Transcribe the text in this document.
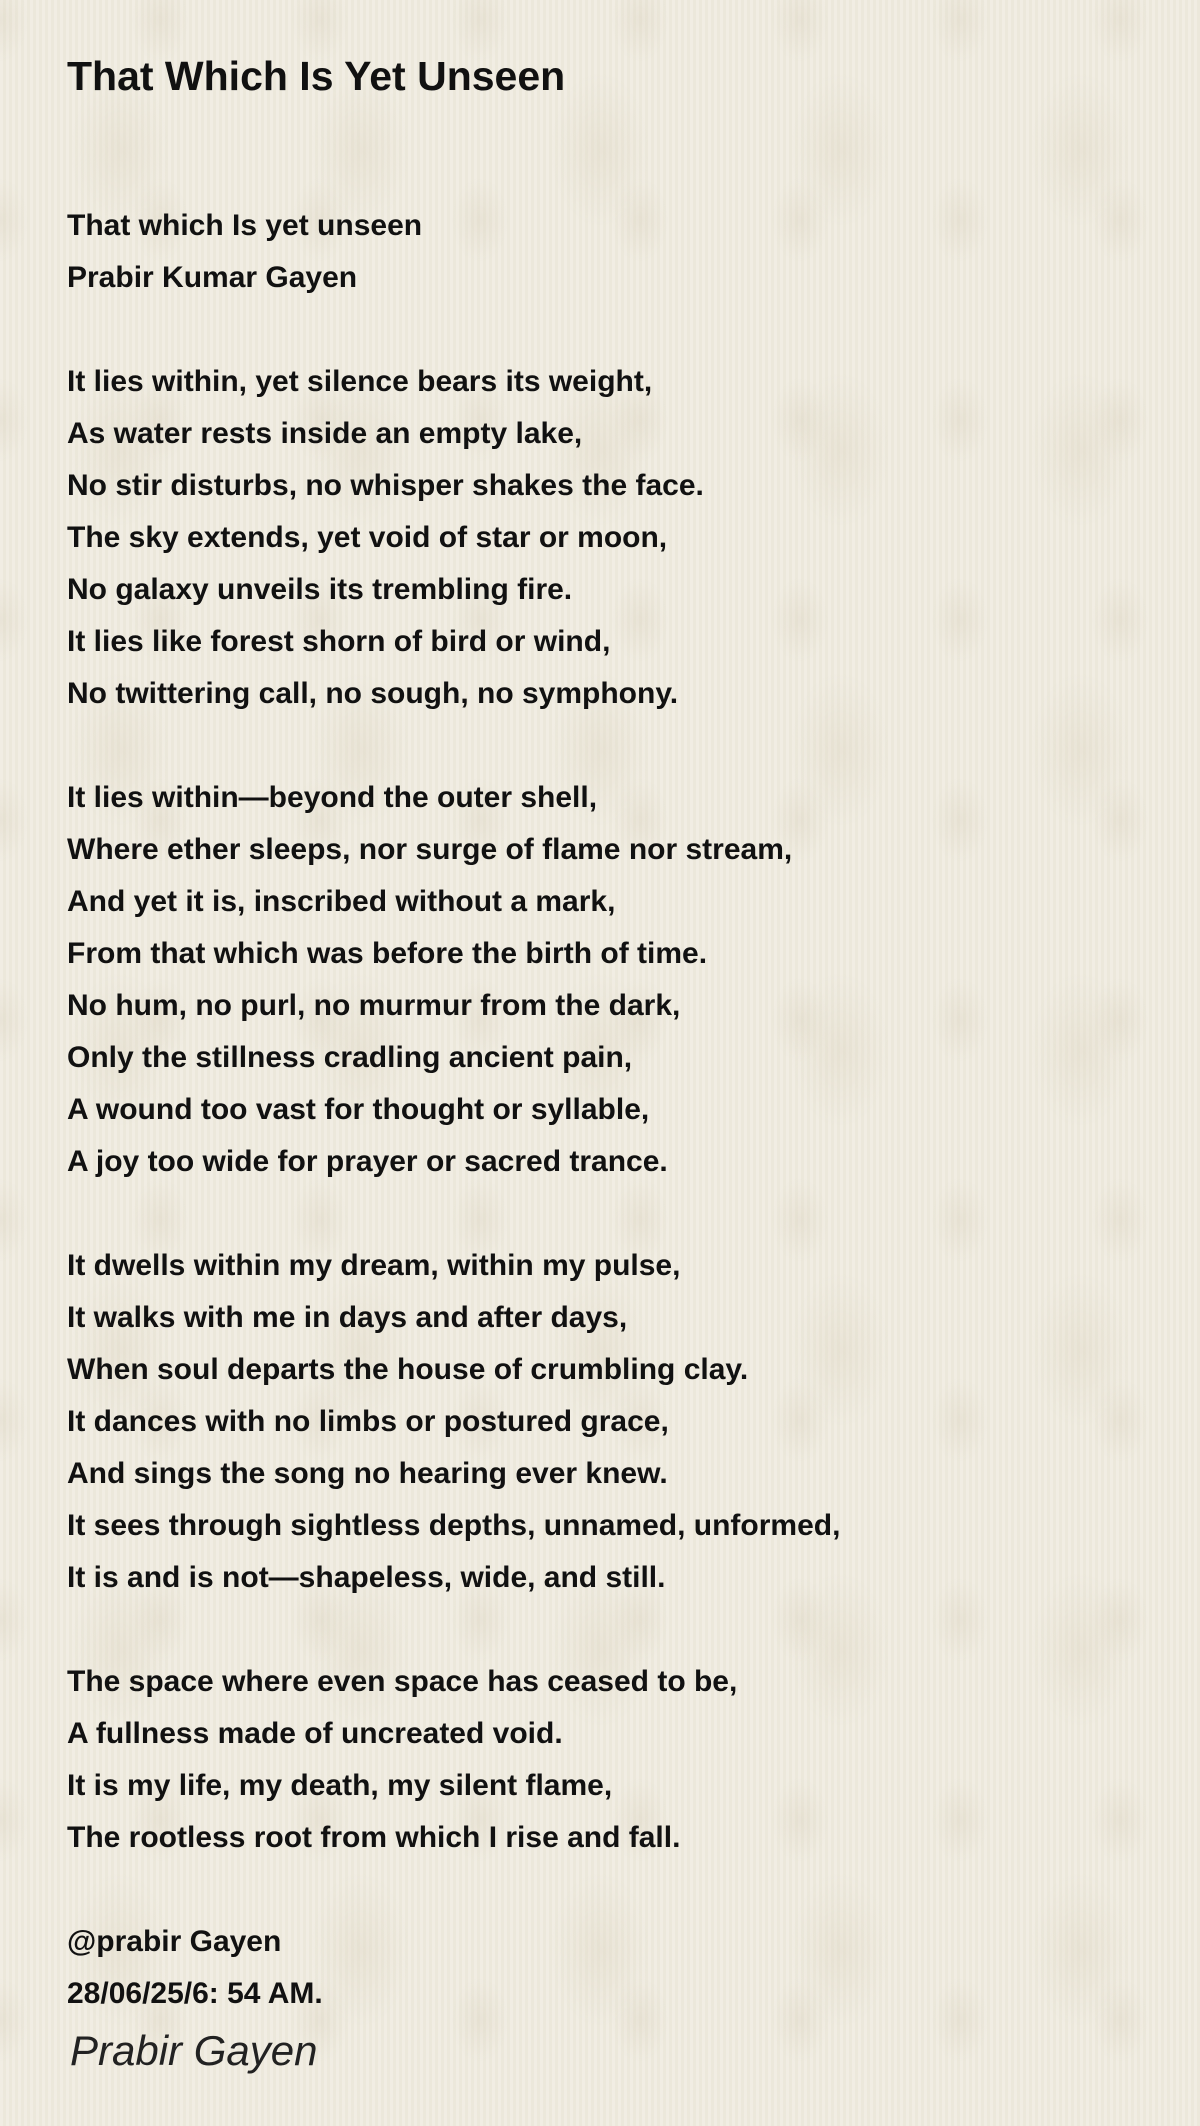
That Which Is Yet Unseen
That which Is yet unseen
Prabir Kumar Gayen
It lies within, yet silence bears its weight,
As water rests inside an empty lake,
No stir disturbs, no whisper shakes the face.
The sky extends, yet void of star or moon,
No galaxy unveils its trembling fire.
It lies like forest shorn of bird or wind,
No twittering call, no sough, no symphony.
It lies within—beyond the outer shell,
Where ether sleeps, nor surge of flame nor stream,
And yet it is, inscribed without a mark,
From that which was before the birth of time.
No hum, no purl, no murmur from the dark,
Only the stillness cradling ancient pain,
A wound too vast for thought or syllable,
A joy too wide for prayer or sacred trance.
It dwells within my dream, within my pulse,
It walks with me in days and after days,
When soul departs the house of crumbling clay.
It dances with no limbs or postured grace,
And sings the song no hearing ever knew.
It sees through sightless depths, unnamed, unformed,
It is and is not—shapeless, wide, and still.
The space where even space has ceased to be,
A fullness made of uncreated void.
It is my life, my death, my silent flame,
The rootless root from which I rise and fall.
@prabir Gayen
28/06/25/6: 54 AM.
Prabir Gayen
